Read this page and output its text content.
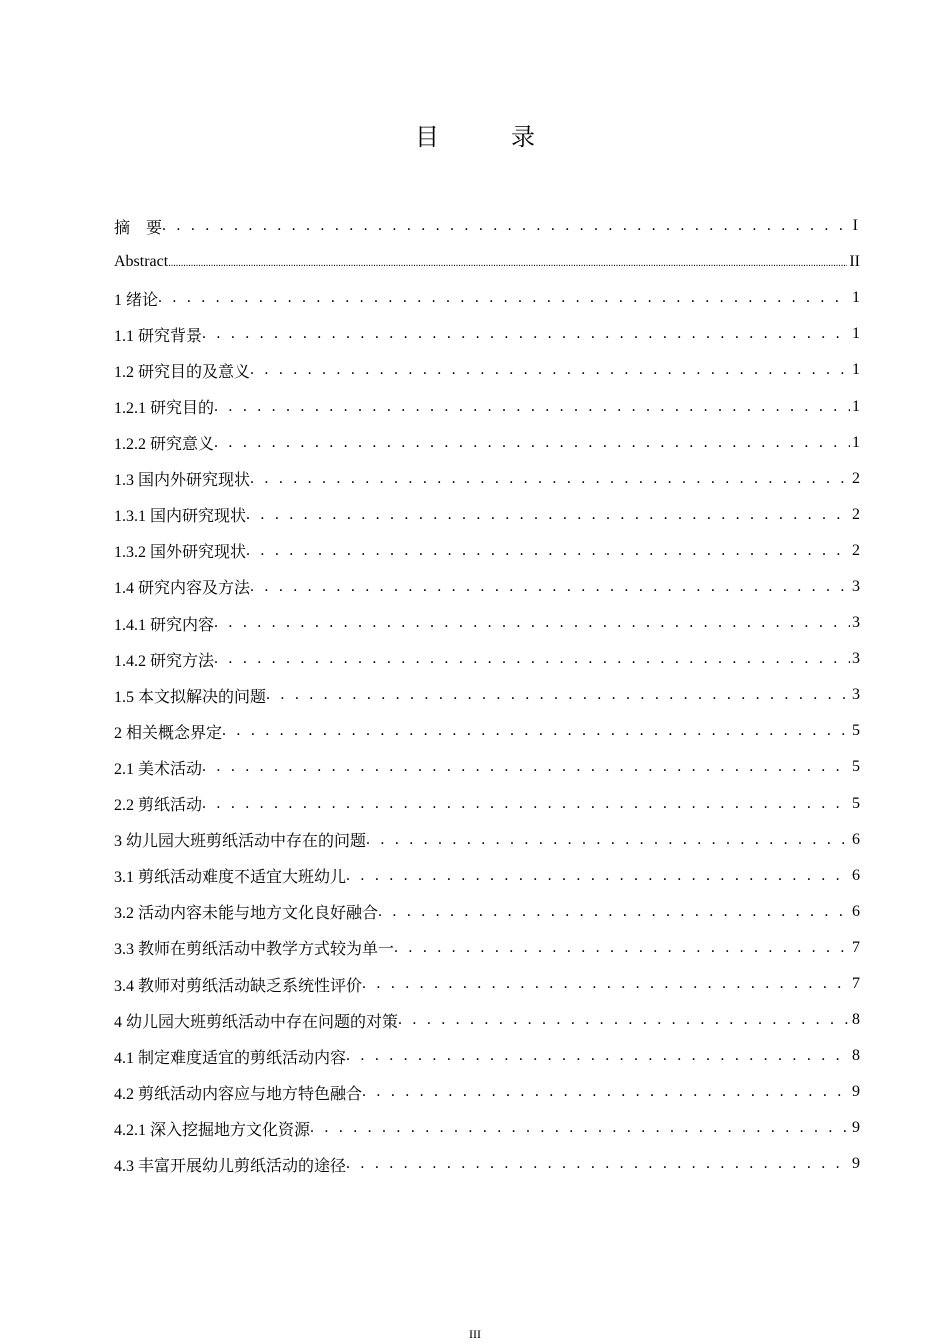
目　录
摘　要 . . .	I
Abstract .....	II
1 绪论 . . .	1
1.1 研究背景 . . .	1
1.2 研究目的及意义 . . .	1
1.2.1 研究目的 . . .	1
1.2.2 研究意义 . . .	1
1.3 国内外研究现状 . . .	2
1.3.1 国内研究现状 . . .	2
1.3.2 国外研究现状 . . .	2
1.4 研究内容及方法 . . .	3
1.4.1 研究内容 . . .	3
1.4.2 研究方法 . . .	3
1.5 本文拟解决的问题 . . .	3
2 相关概念界定 . . .	5
2.1 美术活动 . . .	5
2.2 剪纸活动 . . .	5
3 幼儿园大班剪纸活动中存在的问题 . . .	6
3.1 剪纸活动难度不适宜大班幼儿 . . .	6
3.2 活动内容未能与地方文化良好融合 . . .	6
3.3 教师在剪纸活动中教学方式较为单一 . . .	7
3.4 教师对剪纸活动缺乏系统性评价 . . .	7
4 幼儿园大班剪纸活动中存在问题的对策 . . .	8
4.1 制定难度适宜的剪纸活动内容 . . .	8
4.2 剪纸活动内容应与地方特色融合 . . .	9
4.2.1 深入挖掘地方文化资源 . . .	9
4.3 丰富开展幼儿剪纸活动的途径 . . .	9
III
